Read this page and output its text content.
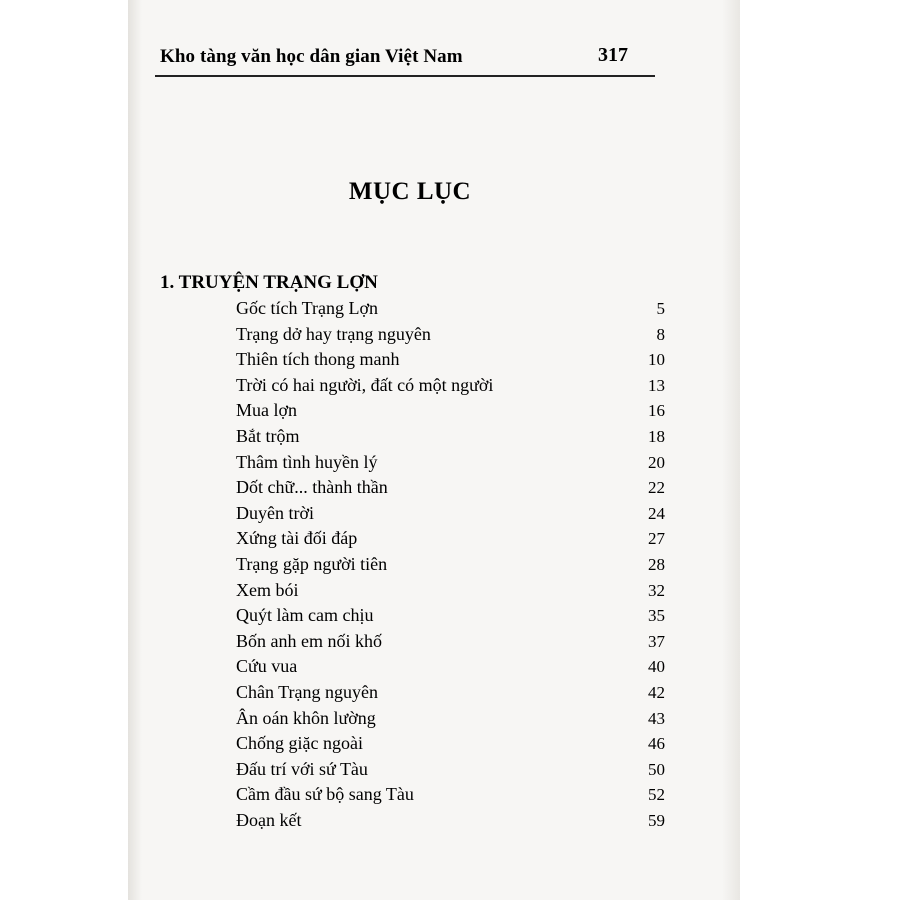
Kho tàng văn học dân gian Việt Nam	317
MỤC LỤC
1. TRUYỆN TRẠNG LỢN
Gốc tích Trạng Lợn	5
Trạng dở hay trạng nguyên	8
Thiên tích thong manh	10
Trời có hai người, đất có một người	13
Mua lợn	16
Bắt trộm	18
Thâm tình huyền lý	20
Dốt chữ... thành thần	22
Duyên trời	24
Xứng tài đối đáp	27
Trạng gặp người tiên	28
Xem bói	32
Quýt làm cam chịu	35
Bốn anh em nối khố	37
Cứu vua	40
Chân Trạng nguyên	42
Ân oán khôn lường	43
Chống giặc ngoài	46
Đấu trí với sứ Tàu	50
Cầm đầu sứ bộ sang Tàu	52
Đoạn kết	59
